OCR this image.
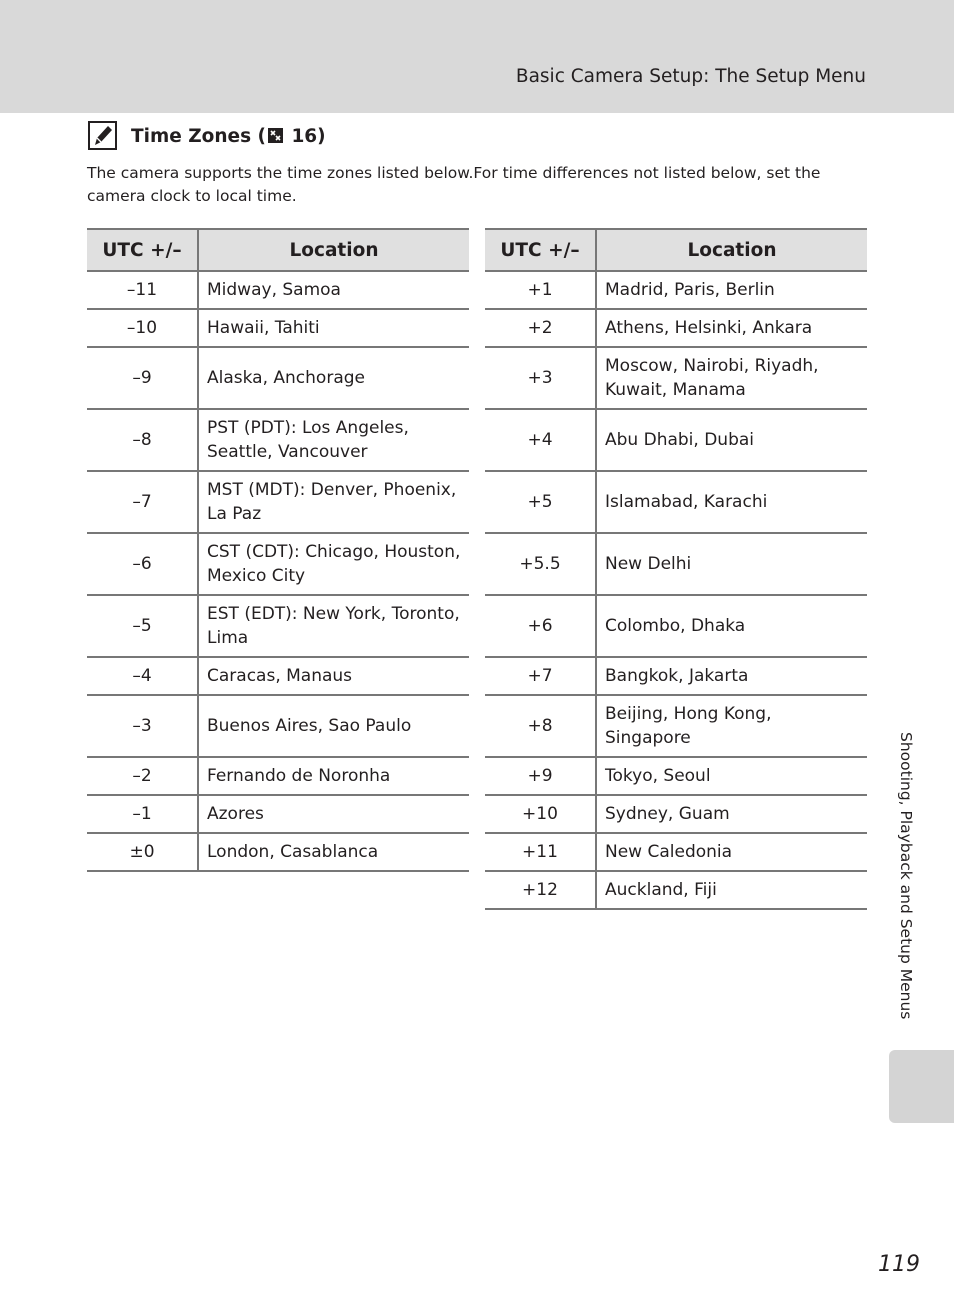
Basic Camera Setup: The Setup Menu
Time Zones ( 16)
The camera supports the time zones listed below.For time differences not listed below, set the camera clock to local time.
UTC +/–	Location
–11	Midway, Samoa
–10	Hawaii, Tahiti
–9	Alaska, Anchorage
–8	PST (PDT): Los Angeles, Seattle, Vancouver
–7	MST (MDT): Denver, Phoenix, La Paz
–6	CST (CDT): Chicago, Houston, Mexico City
–5	EST (EDT): New York, Toronto, Lima
–4	Caracas, Manaus
–3	Buenos Aires, Sao Paulo
–2	Fernando de Noronha
–1	Azores
±0	London, Casablanca
UTC +/–	Location
+1	Madrid, Paris, Berlin
+2	Athens, Helsinki, Ankara
+3	Moscow, Nairobi, Riyadh, Kuwait, Manama
+4	Abu Dhabi, Dubai
+5	Islamabad, Karachi
+5.5	New Delhi
+6	Colombo, Dhaka
+7	Bangkok, Jakarta
+8	Beijing, Hong Kong, Singapore
+9	Tokyo, Seoul
+10	Sydney, Guam
+11	New Caledonia
+12	Auckland, Fiji	Shooting, Playback and Setup Menus
119
